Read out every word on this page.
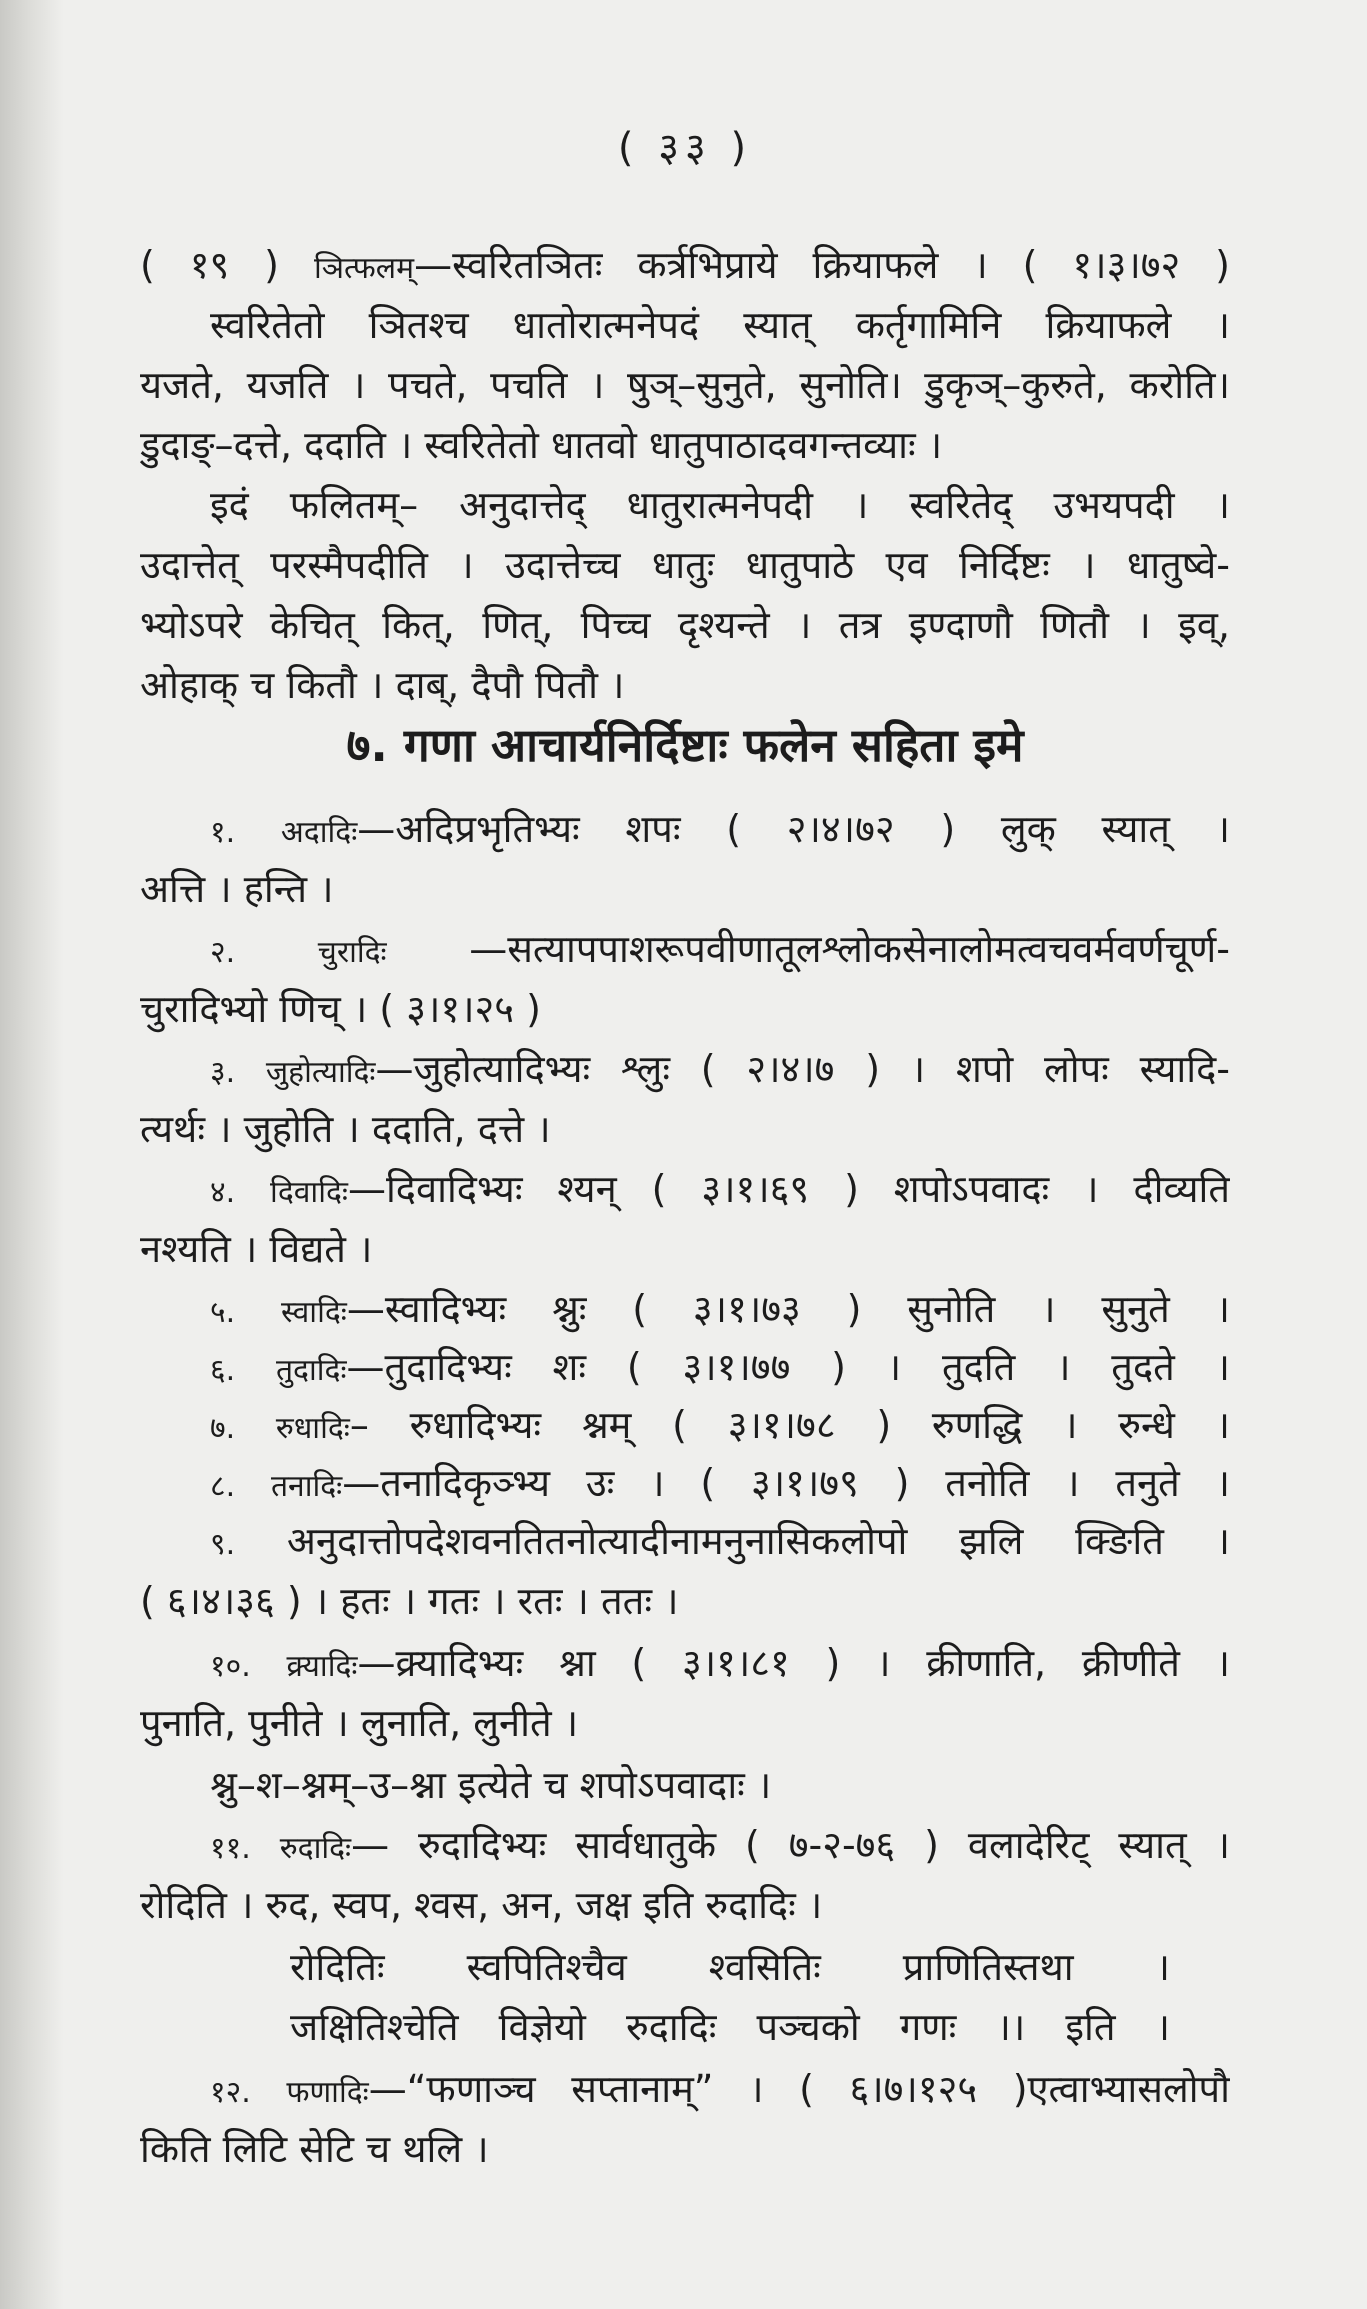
( ३३ )
( १९ ) ञित्फलम्—स्वरितञितः कर्त्रभिप्राये क्रियाफले । ( १।३।७२ )
स्वरितेतो ञितश्च धातोरात्मनेपदं स्यात् कर्तृगामिनि क्रियाफले ।
यजते, यजति । पचते, पचति । षुञ्–सुनुते, सुनोति। डुकृञ्–कुरुते, करोति।
डुदाङ्–दत्ते, ददाति । स्वरितेतो धातवो धातुपाठादवगन्तव्याः ।
इदं फलितम्– अनुदात्तेद् धातुरात्मनेपदी । स्वरितेद् उभयपदी ।
उदात्तेत् परस्मैपदीति । उदात्तेच्च धातुः धातुपाठे एव निर्दिष्टः । धातुष्वे-
भ्योऽपरे केचित् कित्, णित्, पिच्च दृश्यन्ते । तत्र इण्दाणौ णितौ । इव्,
ओहाक् च कितौ । दाब्, दैपौ पितौ ।
७. गणा आचार्यनिर्दिष्टाः फलेन सहिता इमे
१. अदादिः—अदिप्रभृतिभ्यः शपः ( २।४।७२ ) लुक् स्यात् ।
अत्ति । हन्ति ।
२.	चुरादिः —सत्यापपाशरूपवीणातूलश्लोकसेनालोमत्वचवर्मवर्णचूर्ण-
चुरादिभ्यो णिच् । ( ३।१।२५ )
३. जुहोत्यादिः—जुहोत्यादिभ्यः श्लुः ( २।४।७ ) । शपो लोपः स्यादि-
त्यर्थः । जुहोति । ददाति, दत्ते ।
४. दिवादिः—दिवादिभ्यः श्यन् ( ३।१।६९ ) शपोऽपवादः । दीव्यति
नश्यति । विद्यते ।
५. स्वादिः—स्वादिभ्यः श्नुः ( ३।१।७३ ) सुनोति । सुनुते ।
६. तुदादिः—तुदादिभ्यः शः ( ३।१।७७ ) । तुदति । तुदते ।
७. रुधादिः– रुधादिभ्यः श्नम् ( ३।१।७८ ) रुणद्धि । रुन्धे ।
८. तनादिः—तनादिकृञ्भ्य उः । ( ३।१।७९ ) तनोति । तनुते ।
९. अनुदात्तोपदेशवनतितनोत्यादीनामनुनासिकलोपो झलि क्ङिति ।
( ६।४।३६ ) । हतः । गतः । रतः । ततः ।
१०. क्र्यादिः—क्र्यादिभ्यः श्ना ( ३।१।८१ ) । क्रीणाति, क्रीणीते ।
पुनाति, पुनीते । लुनाति, लुनीते ।
श्नु–श–श्नम्–उ–श्ना इत्येते च शपोऽपवादाः ।
११. रुदादिः— रुदादिभ्यः सार्वधातुके ( ७-२-७६ ) वलादेरिट् स्यात् ।
रोदिति । रुद, स्वप, श्वस, अन, जक्ष इति रुदादिः ।
रोदितिः स्वपितिश्चैव श्वसितिः प्राणितिस्तथा ।
जक्षितिश्चेति विज्ञेयो रुदादिः पञ्चको गणः ।। इति ।
१२. फणादिः—“फणाञ्च सप्तानाम्” । ( ६।७।१२५ )एत्वाभ्यासलोपौ
किति लिटि सेटि च थलि ।
